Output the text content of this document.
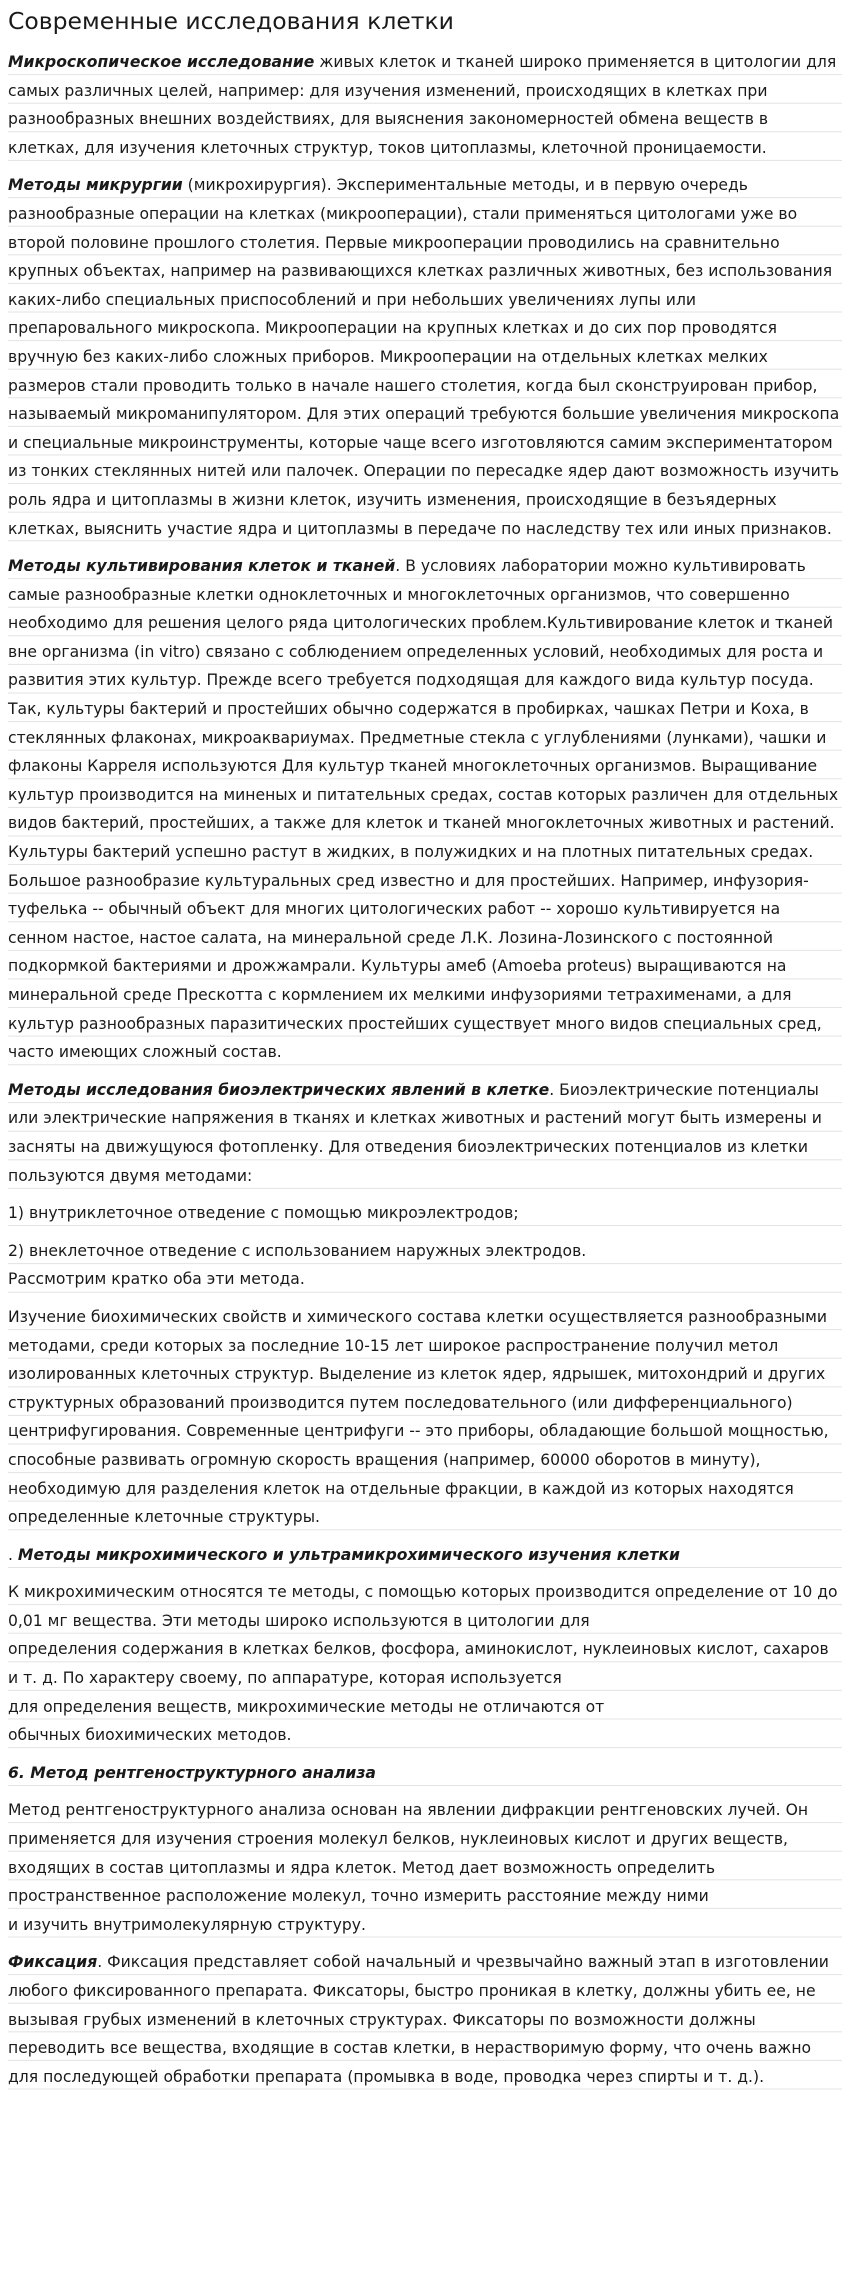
Современные исследования клетки

Микроскопическое исследование живых клеток и тканей широко применяется в цитологии для самых различных целей, например: для изучения изменений, происходящих в клетках при разнообразных внешних воздействиях, для выяснения закономерностей обмена веществ в клетках, для изучения клеточных структур, токов цитоплазмы, клеточной проницаемости.

Методы микрургии (микрохирургия). Экспериментальные методы, и в первую очередь разнообразные операции на клетках (микрооперации), стали применяться цитологами уже во второй половине прошлого столетия. Первые микрооперации проводились на сравнительно крупных объектах, например на развивающихся клетках различных животных, без использования каких-либо специальных приспособлений и при небольших увеличениях лупы или препаровального микроскопа. Микрооперации на крупных клетках и до сих пор проводятся вручную без каких-либо сложных приборов. Микрооперации на отдельных клетках мелких размеров стали проводить только в начале нашего столетия, когда был сконструирован прибор, называемый микроманипулятором. Для этих операций требуются большие увеличения микроскопа и специальные микроинструменты, которые чаще всего изготовляются самим экспериментатором из тонких стеклянных нитей или палочек. Операции по пересадке ядер дают возможность изучить роль ядра и цитоплазмы в жизни клеток, изучить изменения, происходящие в безъядерных клетках, выяснить участие ядра и цитоплазмы в передаче по наследству тех или иных признаков.

Методы культивирования клеток и тканей. В условиях лаборатории можно культивировать самые разнообразные клетки одноклеточных и многоклеточных организмов, что совершенно необходимо для решения целого ряда цитологических проблем.Культивирование клеток и тканей вне организма (in vitro) связано с соблюдением определенных условий, необходимых для роста и развития этих культур. Прежде всего требуется подходящая для каждого вида культур посуда. Так, культуры бактерий и простейших обычно содержатся в пробирках, чашках Петри и Коха, в стеклянных флаконах, микроаквариумах. Предметные стекла с углублениями (лунками), чашки и флаконы Карреля используются Для культур тканей многоклеточных организмов. Выращивание культур производится на миненых и питательных средах, состав которых различен для отдельных видов бактерий, простейших, а также для клеток и тканей многоклеточных животных и растений. Культуры бактерий успешно растут в жидких, в полужидких и на плотных питательных средах. Большое разнообразие культуральных сред известно и для простейших. Например, инфузория-туфелька -- обычный объект для многих цитологических работ -- хорошо культивируется на сенном настое, настое салата, на минеральной среде Л.К. Лозина-Лозинского с постоянной подкормкой бактериями и дрожжамрали. Культуры амеб (Amoeba proteus) выращиваются на минеральной среде Прескотта с кормлением их мелкими инфузориями тетрахименами, а для культур разнообразных паразитических простейших существует много видов специальных сред, часто имеющих сложный состав.

Методы исследования биоэлектрических явлений в клетке. Биоэлектрические потенциалы или электрические напряжения в тканях и клетках животных и растений могут быть измерены и засняты на движущуюся фотопленку. Для отведения биоэлектрических потенциалов из клетки пользуются двумя методами:

1) внутриклеточное отведение с помощью микроэлектродов;

2) внеклеточное отведение с использованием наружных электродов.
Рассмотрим кратко оба эти метода.

Изучение биохимических свойств и химического состава клетки осуществляется разнообразными методами, среди которых за последние 10-15 лет широкое распространение получил метол изолированных клеточных структур. Выделение из клеток ядер, ядрышек, митохондрий и других структурных образований производится путем последовательного (или дифференциального) центрифугирования. Современные центрифуги -- это приборы, обладающие большой мощностью, способные развивать огромную скорость вращения (например, 60000 оборотов в минуту), необходимую для разделения клеток на отдельные фракции, в каждой из которых находятся определенные клеточные структуры.

. Методы микрохимического и ультрамикрохимического изучения клетки

К микрохимическим относятся те методы, с помощью которых производится определение от 10 до 0,01 мг вещества. Эти методы широко используются в цитологии для
определения содержания в клетках белков, фосфора, аминокислот, нуклеиновых кислот, сахаров и т. д. По характеру своему, по аппаратуре, которая используется
для определения веществ, микрохимические методы не отличаются от
обычных биохимических методов.

6. Метод рентгеноструктурного анализа

Метод рентгеноструктурного анализа основан на явлении дифракции рентгеновских лучей. Он применяется для изучения строения молекул белков, нуклеиновых кислот и других веществ, входящих в состав цитоплазмы и ядра клеток. Метод дает возможность определить пространственное расположение молекул, точно измерить расстояние между ними
и изучить внутримолекулярную структуру.

Фиксация. Фиксация представляет собой начальный и чрезвычайно важный этап в изготовлении любого фиксированного препарата. Фиксаторы, быстро проникая в клетку, должны убить ее, не вызывая грубых изменений в клеточных структурах. Фиксаторы по возможности должны переводить все вещества, входящие в состав клетки, в нерастворимую форму, что очень важно для последующей обработки препарата (промывка в воде, проводка через спирты и т. д.).
